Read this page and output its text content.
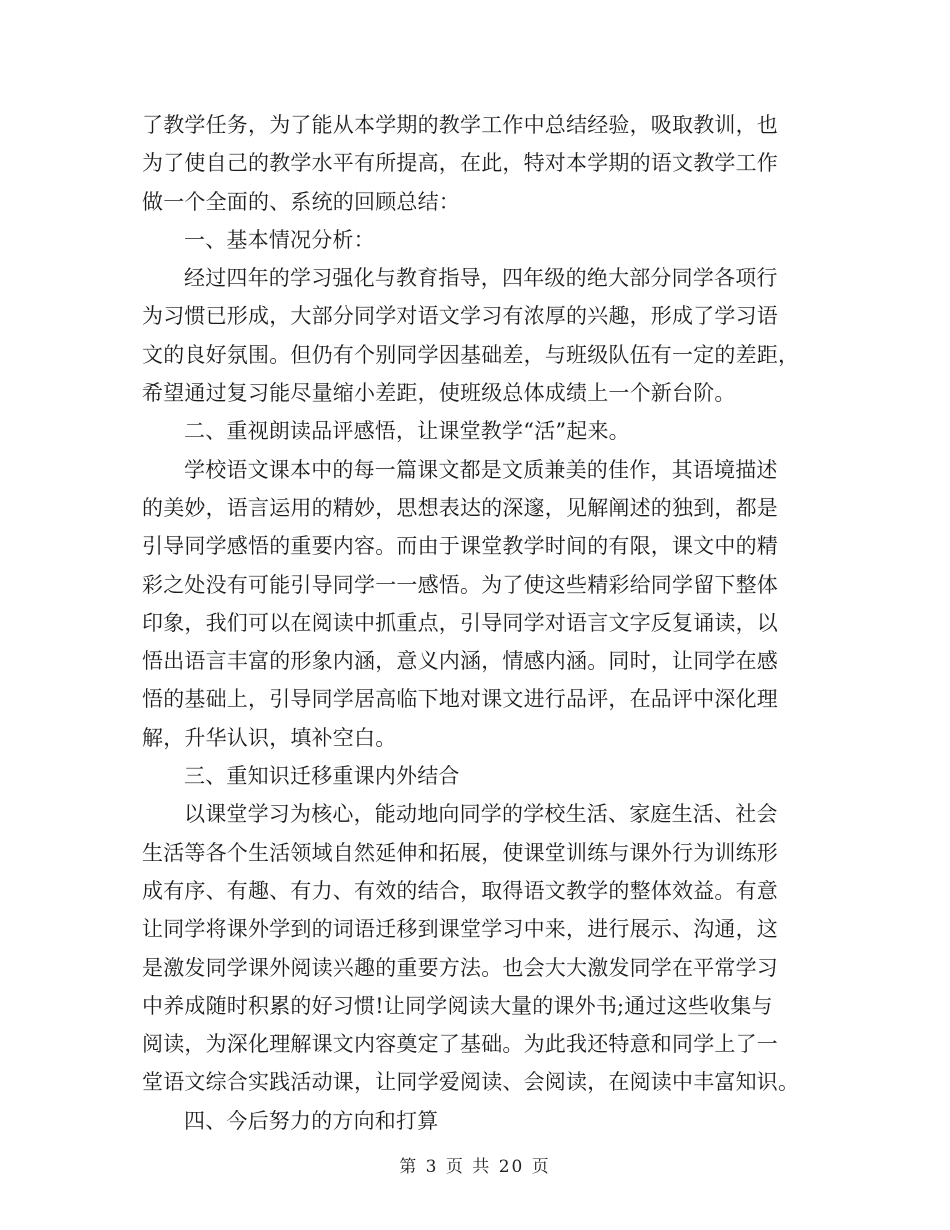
了教学任务，为了能从本学期的教学工作中总结经验，吸取教训，也
为了使自己的教学水平有所提高，在此，特对本学期的语文教学工作
做一个全面的、系统的回顾总结：
一、基本情况分析：
经过四年的学习强化与教育指导，四年级的绝大部分同学各项行
为习惯已形成，大部分同学对语文学习有浓厚的兴趣，形成了学习语
文的良好氛围。但仍有个别同学因基础差，与班级队伍有一定的差距，
希望通过复习能尽量缩小差距，使班级总体成绩上一个新台阶。
二、重视朗读品评感悟，让课堂教学“活”起来。
学校语文课本中的每一篇课文都是文质兼美的佳作，其语境描述
的美妙，语言运用的精妙，思想表达的深邃，见解阐述的独到，都是
引导同学感悟的重要内容。而由于课堂教学时间的有限，课文中的精
彩之处没有可能引导同学一一感悟。为了使这些精彩给同学留下整体
印象，我们可以在阅读中抓重点，引导同学对语言文字反复诵读，以
悟出语言丰富的形象内涵，意义内涵，情感内涵。同时，让同学在感
悟的基础上，引导同学居高临下地对课文进行品评，在品评中深化理
解，升华认识，填补空白。
三、重知识迁移重课内外结合
以课堂学习为核心，能动地向同学的学校生活、家庭生活、社会
生活等各个生活领域自然延伸和拓展，使课堂训练与课外行为训练形
成有序、有趣、有力、有效的结合，取得语文教学的整体效益。有意
让同学将课外学到的词语迁移到课堂学习中来，进行展示、沟通，这
是激发同学课外阅读兴趣的重要方法。也会大大激发同学在平常学习
中养成随时积累的好习惯!让同学阅读大量的课外书;通过这些收集与
阅读，为深化理解课文内容奠定了基础。为此我还特意和同学上了一
堂语文综合实践活动课，让同学爱阅读、会阅读，在阅读中丰富知识。
四、今后努力的方向和打算
第 3 页 共 20 页
